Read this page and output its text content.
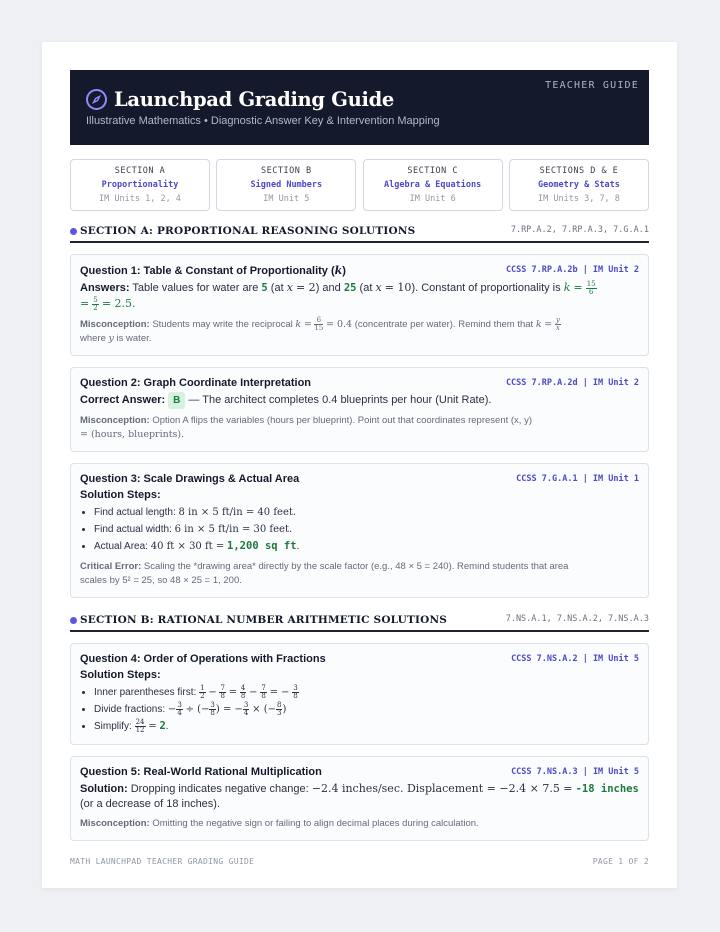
TEACHER GUIDE
Launchpad Grading Guide
Illustrative Mathematics • Diagnostic Answer Key & Intervention Mapping
SECTION A
Proportionality
IM Units 1, 2, 4
SECTION B
Signed Numbers
IM Unit 5
SECTION C
Algebra & Equations
IM Unit 6
SECTIONS D & E
Geometry & Stats
IM Units 3, 7, 8
SECTION A: PROPORTIONAL REASONING SOLUTIONS	7.RP.A.2, 7.RP.A.3, 7.G.A.1
Question 1: Table & Constant of Proportionality (k)	CCSS 7.RP.A.2b | IM Unit 2
Answers: Table values for water are 5 (at x = 2) and 25 (at x = 10). Constant of proportionality is $k = \frac{15}{6}$

= $\frac{5}{2} = 2.5$.
Misconception: Students may write the reciprocal $k = \frac{6}{15} = 0.4$ (concentrate per water). Remind them that $k = \frac{y}{x}$

where y is water.
Question 2: Graph Coordinate Interpretation	CCSS 7.RP.A.2d | IM Unit 2
Correct Answer: B — The architect completes 0.4 blueprints per hour (Unit Rate).
Misconception: Option A flips the variables (hours per blueprint). Point out that coordinates represent (x, y)
= (hours, blueprints).
Question 3: Scale Drawings & Actual Area	CCSS 7.G.A.1 | IM Unit 1
Solution Steps:
• Find actual length: 8 in × 5 ft/in = 40 feet.
• Find actual width: 6 in × 5 ft/in = 30 feet.
• Actual Area: 40 ft × 30 ft = 1,200 sq ft.
Critical Error: Scaling the *drawing area* directly by the scale factor (e.g., 48 × 5 = 240). Remind students that area
scales by 5² = 25, so 48 × 25 = 1, 200.
SECTION B: RATIONAL NUMBER ARITHMETIC SOLUTIONS	7.NS.A.1, 7.NS.A.2, 7.NS.A.3
Question 4: Order of Operations with Fractions	CCSS 7.NS.A.2 | IM Unit 5
Solution Steps:
• Inner parentheses first: $\frac{1}{2} - \frac{7}{8} = \frac{4}{8} - \frac{7}{8}$ = − $\frac{3}{8}$
• Divide fractions: − $\frac{3}{4}$ ÷ (− $\frac{3}{8}$ ) = − $\frac{3}{4}$ × (− $\frac{8}{3}$ )
• Simplify: $\frac{24}{12} = 2$.
Question 5: Real-World Rational Multiplication	CCSS 7.NS.A.3 | IM Unit 5
Solution: Dropping indicates negative change: −2.4 inches/sec. Displacement = −2.4 × 7.5 = -18 inches (or a decrease of 18 inches).
Misconception: Omitting the negative sign or failing to align decimal places during calculation.
MATH LAUNCHPAD TEACHER GRADING GUIDE	PAGE 1 OF 2
